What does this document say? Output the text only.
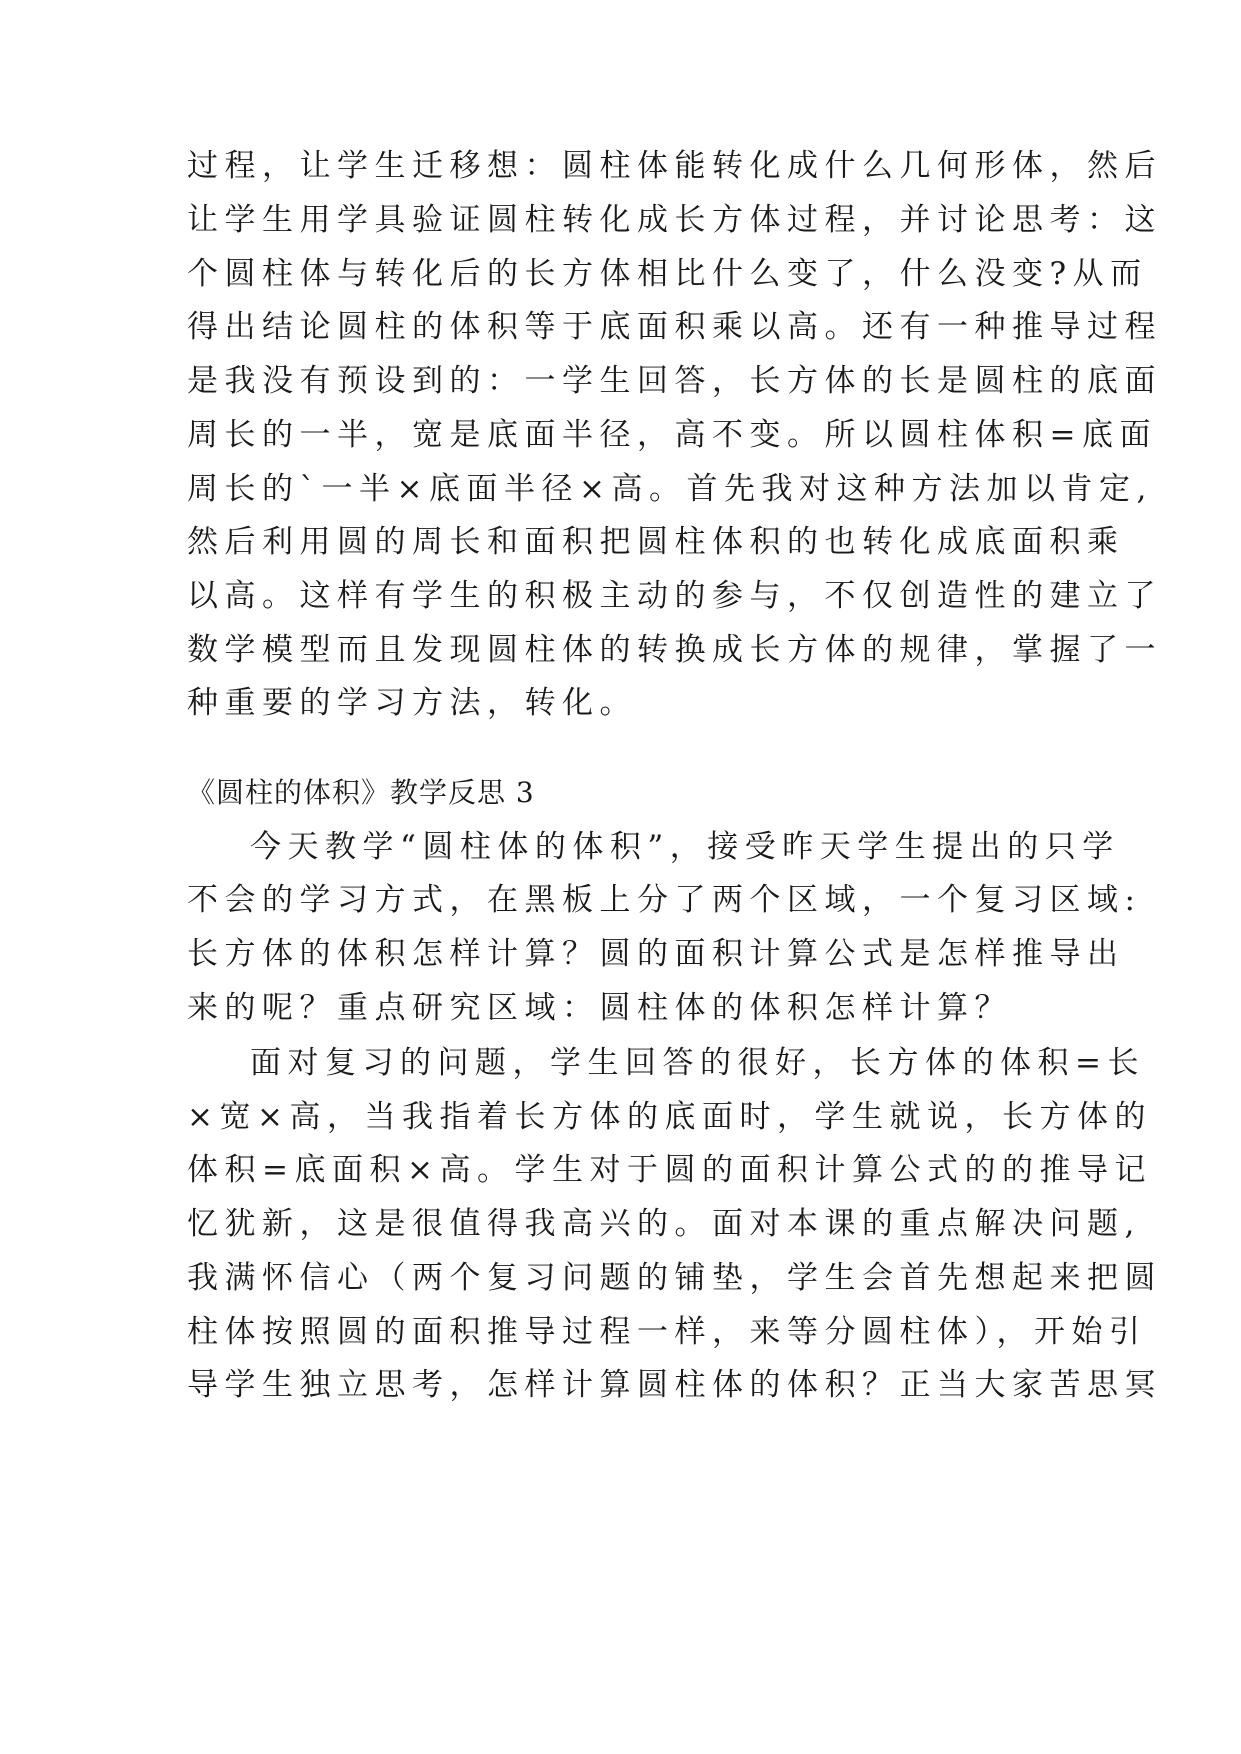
过程，让学生迁移想：圆柱体能转化成什么几何形体，然后
让学生用学具验证圆柱转化成长方体过程，并讨论思考：这
个圆柱体与转化后的长方体相比什么变了，什么没变?从而
得出结论圆柱的体积等于底面积乘以高。还有一种推导过程
是我没有预设到的：一学生回答，长方体的长是圆柱的底面
周长的一半，宽是底面半径，高不变。所以圆柱体积=底面
周长的`一半×底面半径×高。首先我对这种方法加以肯定,
然后利用圆的周长和面积把圆柱体积的也转化成底面积乘
以高。这样有学生的积极主动的参与，不仅创造性的建立了
数学模型而且发现圆柱体的转换成长方体的规律，掌握了一
种重要的学习方法，转化。
《圆柱的体积》教学反思 3
今天教学“圆柱体的体积”，接受昨天学生提出的只学
不会的学习方式，在黑板上分了两个区域，一个复习区域:
长方体的体积怎样计算？圆的面积计算公式是怎样推导出
来的呢？重点研究区域：圆柱体的体积怎样计算？
面对复习的问题，学生回答的很好，长方体的体积=长
×宽×高，当我指着长方体的底面时，学生就说，长方体的
体积=底面积×高。学生对于圆的面积计算公式的的推导记
忆犹新，这是很值得我高兴的。面对本课的重点解决问题,
我满怀信心（两个复习问题的铺垫，学生会首先想起来把圆
柱体按照圆的面积推导过程一样，来等分圆柱体），开始引
导学生独立思考，怎样计算圆柱体的体积？正当大家苦思冥
